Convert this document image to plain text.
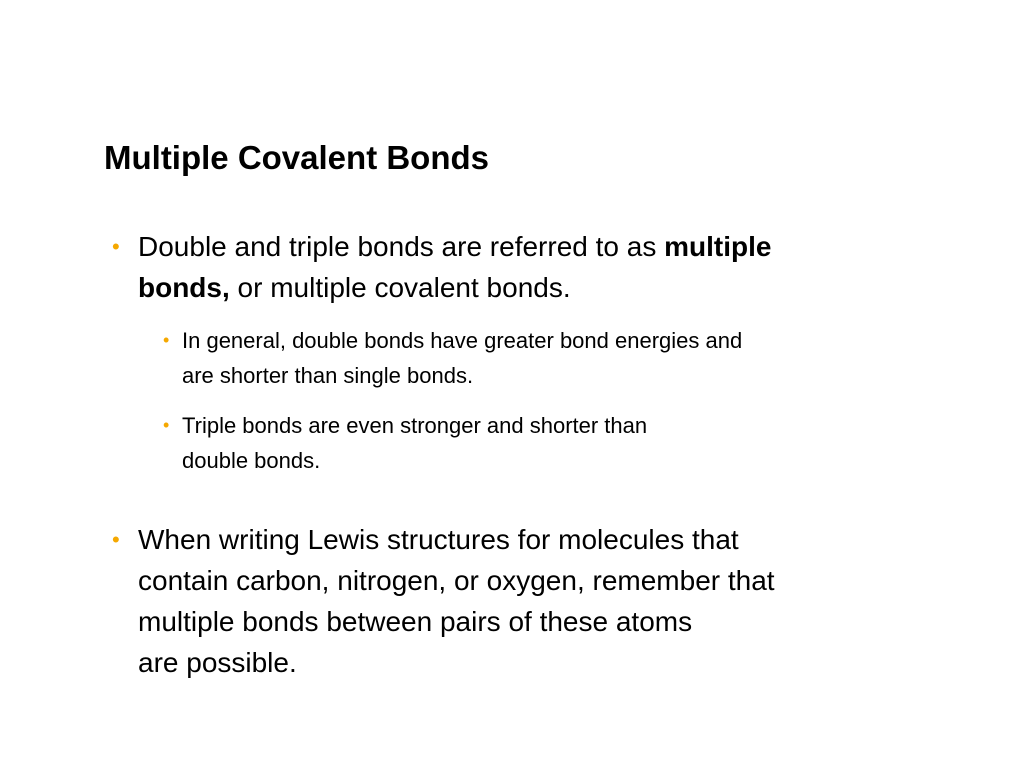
Multiple Covalent Bonds
• Double and triple bonds are referred to as multiple
bonds, or multiple covalent bonds.
• In general, double bonds have greater bond energies and
are shorter than single bonds.
• Triple bonds are even stronger and shorter than
double bonds.
• When writing Lewis structures for molecules that
contain carbon, nitrogen, or oxygen, remember that
multiple bonds between pairs of these atoms
are possible.
